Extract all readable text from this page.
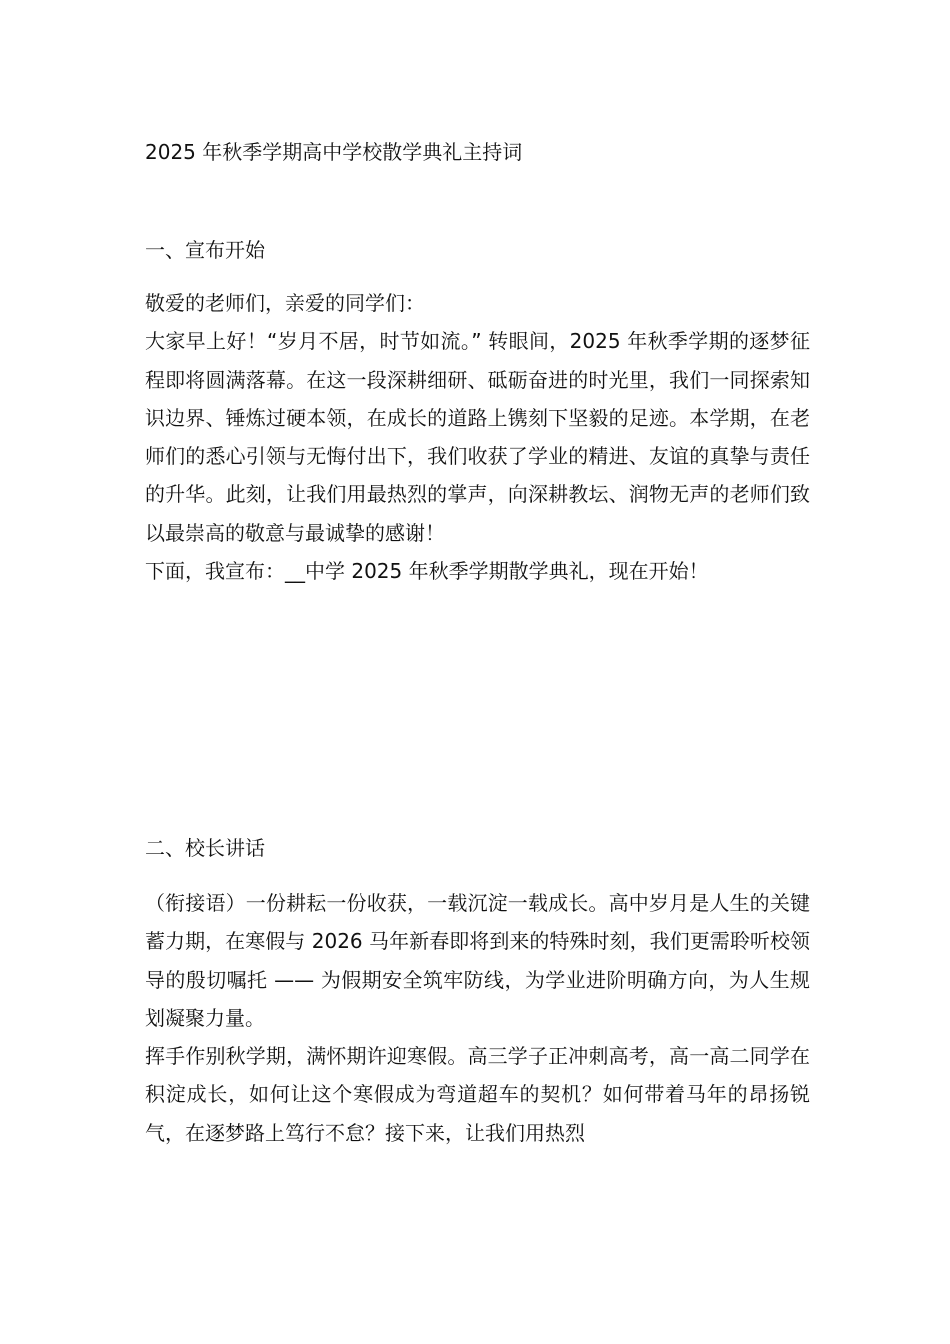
2025 年秋季学期高中学校散学典礼主持词
一、宣布开始

敬爱的老师们，亲爱的同学们：

大家早上好！“岁月不居，时节如流。” 转眼间，2025 年秋季学期的逐梦征程即将圆满落幕。在这一段深耕细研、砥砺奋进的时光里，我们一同探索知识边界、锤炼过硬本领，在成长的道路上镌刻下坚毅的足迹。本学期，在老师们的悉心引领与无悔付出下，我们收获了学业的精进、友谊的真挚与责任的升华。此刻，让我们用最热烈的掌声，向深耕教坛、润物无声的老师们致以最崇高的敬意与最诚挚的感谢！

下面，我宣布：__中学 2025 年秋季学期散学典礼，现在开始！

二、校长讲话

（衔接语）一份耕耘一份收获，一载沉淀一载成长。高中岁月是人生的关键蓄力期，在寒假与 2026 马年新春即将到来的特殊时刻，我们更需聆听校领导的殷切嘱托 —— 为假期安全筑牢防线，为学业进阶明确方向，为人生规划凝聚力量。

挥手作别秋学期，满怀期许迎寒假。高三学子正冲刺高考，高一高二同学在积淀成长，如何让这个寒假成为弯道超车的契机？如何带着马年的昂扬锐气，在逐梦路上笃行不怠？接下来，让我们用热烈
